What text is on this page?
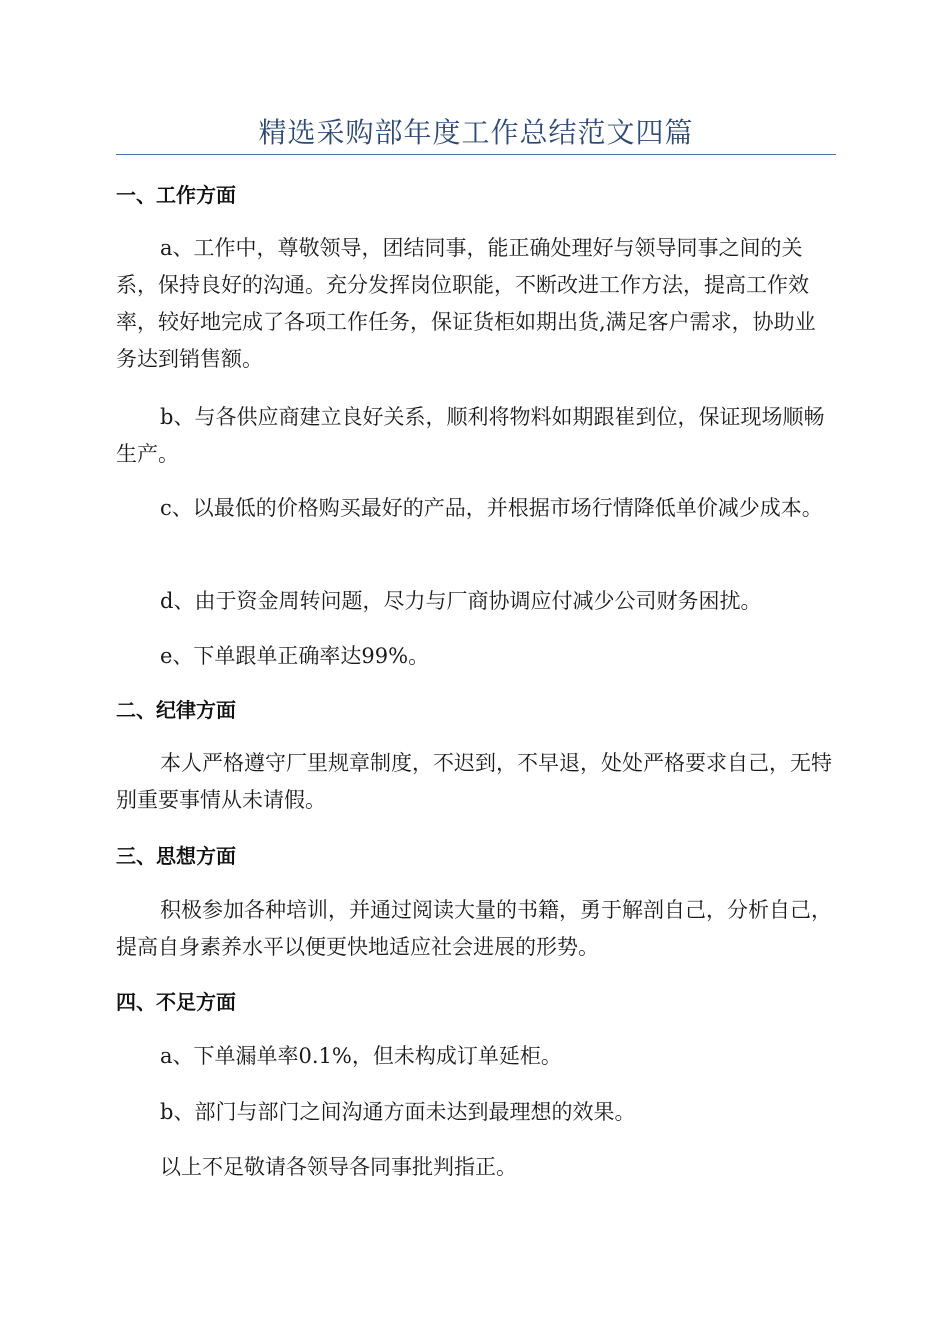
精选采购部年度工作总结范文四篇
一、工作方面
a、工作中，尊敬领导，团结同事，能正确处理好与领导同事之间的关系，保持良好的沟通。充分发挥岗位职能，不断改进工作方法，提高工作效率，较好地完成了各项工作任务，保证货柜如期出货,满足客户需求，协助业务达到销售额。
b、与各供应商建立良好关系，顺利将物料如期跟崔到位，保证现场顺畅生产。
c、以最低的价格购买最好的产品，并根据市场行情降低单价减少成本。
d、由于资金周转问题，尽力与厂商协调应付减少公司财务困扰。
e、下单跟单正确率达99%。
二、纪律方面
本人严格遵守厂里规章制度，不迟到，不早退，处处严格要求自己，无特别重要事情从未请假。
三、思想方面
积极参加各种培训，并通过阅读大量的书籍，勇于解剖自己，分析自己，提高自身素养水平以便更快地适应社会进展的形势。
四、不足方面
a、下单漏单率0.1%，但未构成订单延柜。
b、部门与部门之间沟通方面未达到最理想的效果。
以上不足敬请各领导各同事批判指正。
